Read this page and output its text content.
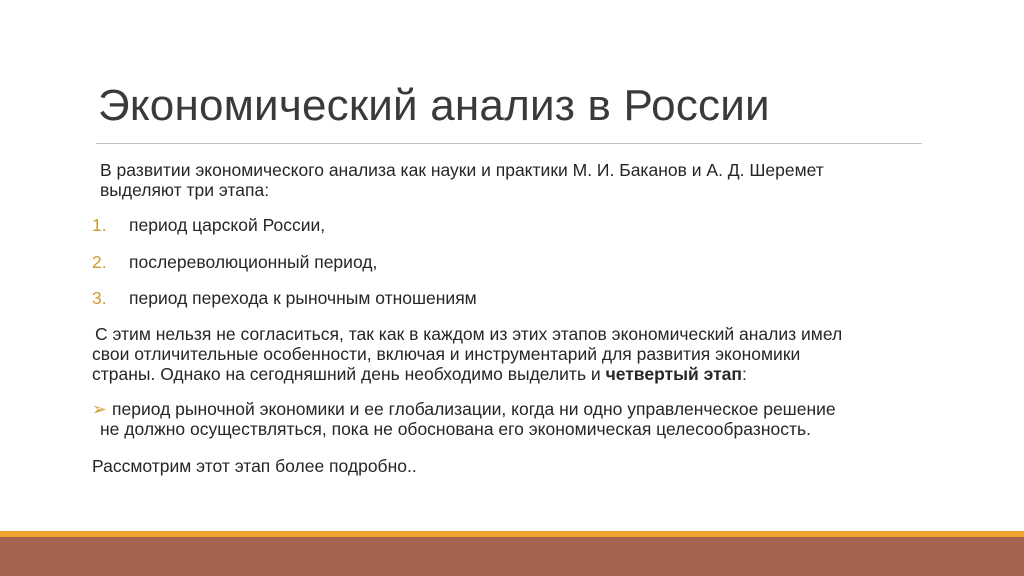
Экономический анализ в России
В развитии экономического анализа как науки и практики М. И. Баканов и А. Д. Шеремет
выделяют три этапа:
1. период царской России,
2. послереволюционный период,
3. период перехода к рыночным отношениям
С этим нельзя не согласиться, так как в каждом из этих этапов экономический анализ имел
свои отличительные особенности, включая и инструментарий для развития экономики
страны. Однако на сегодняшний день необходимо выделить и четвертый этап:
➢ период рыночной экономики и ее глобализации, когда ни одно управленческое решение
не должно осуществляться, пока не обоснована его экономическая целесообразность.
Рассмотрим этот этап более подробно..
